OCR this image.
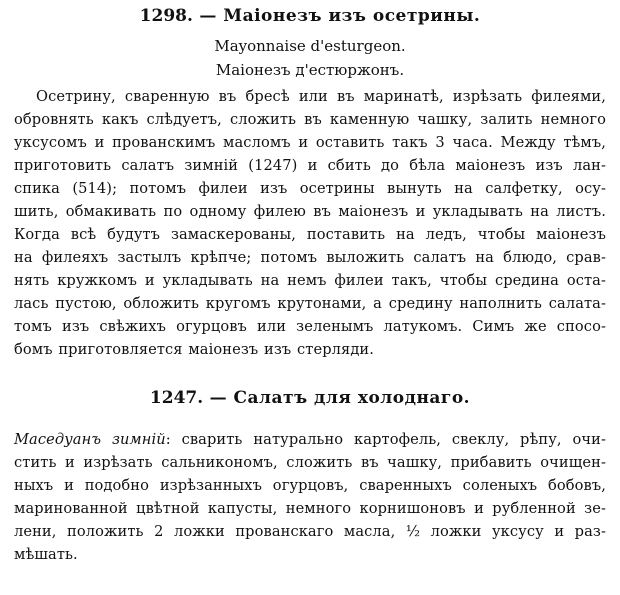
1298. — Маіонезъ изъ осетрины.
Mayonnaise d'esturgeon.
Маіонезъ д'естюржонъ.
Осетрину, сваренную въ бресѣ или въ маринатѣ, изрѣзать филеями,
обровнять какъ слѣдуетъ, сложить въ каменную чашку, залить немного
уксусомъ и прованскимъ масломъ и оставить такъ 3 часа. Между тѣмъ,
приготовить салатъ зимній (1247) и сбить до бѣла маіонезъ изъ лан-
спика (514); потомъ филеи изъ осетрины вынуть на салфетку, осу-
шить, обмакивать по одному филею въ маіонезъ и укладывать на листъ.
Когда всѣ будутъ замаскерованы, поставить на ледъ, чтобы маіонезъ
на филеяхъ застылъ крѣпче; потомъ выложить салатъ на блюдо, срав-
нять кружкомъ и укладывать на немъ филеи такъ, чтобы средина оста-
лась пустою, обложить кругомъ крутонами, а средину наполнить салата-
томъ изъ свѣжихъ огурцовъ или зеленымъ латукомъ. Симъ же спосо-
бомъ приготовляется маіонезъ изъ стерляди.
1247. — Салатъ для холоднаго.
Маседуанъ зимній: сварить натурально картофель, свеклу, рѣпу, очи-
стить и изрѣзать сальникономъ, сложить въ чашку, прибавить очищен-
ныхъ и подобно изрѣзанныхъ огурцовъ, сваренныхъ соленыхъ бобовъ,
маринованной цвѣтной капусты, немного корнишоновъ и рубленной зе-
лени, положить 2 ложки прованскаго масла, ½ ложки уксусу и раз-
мѣшать.
